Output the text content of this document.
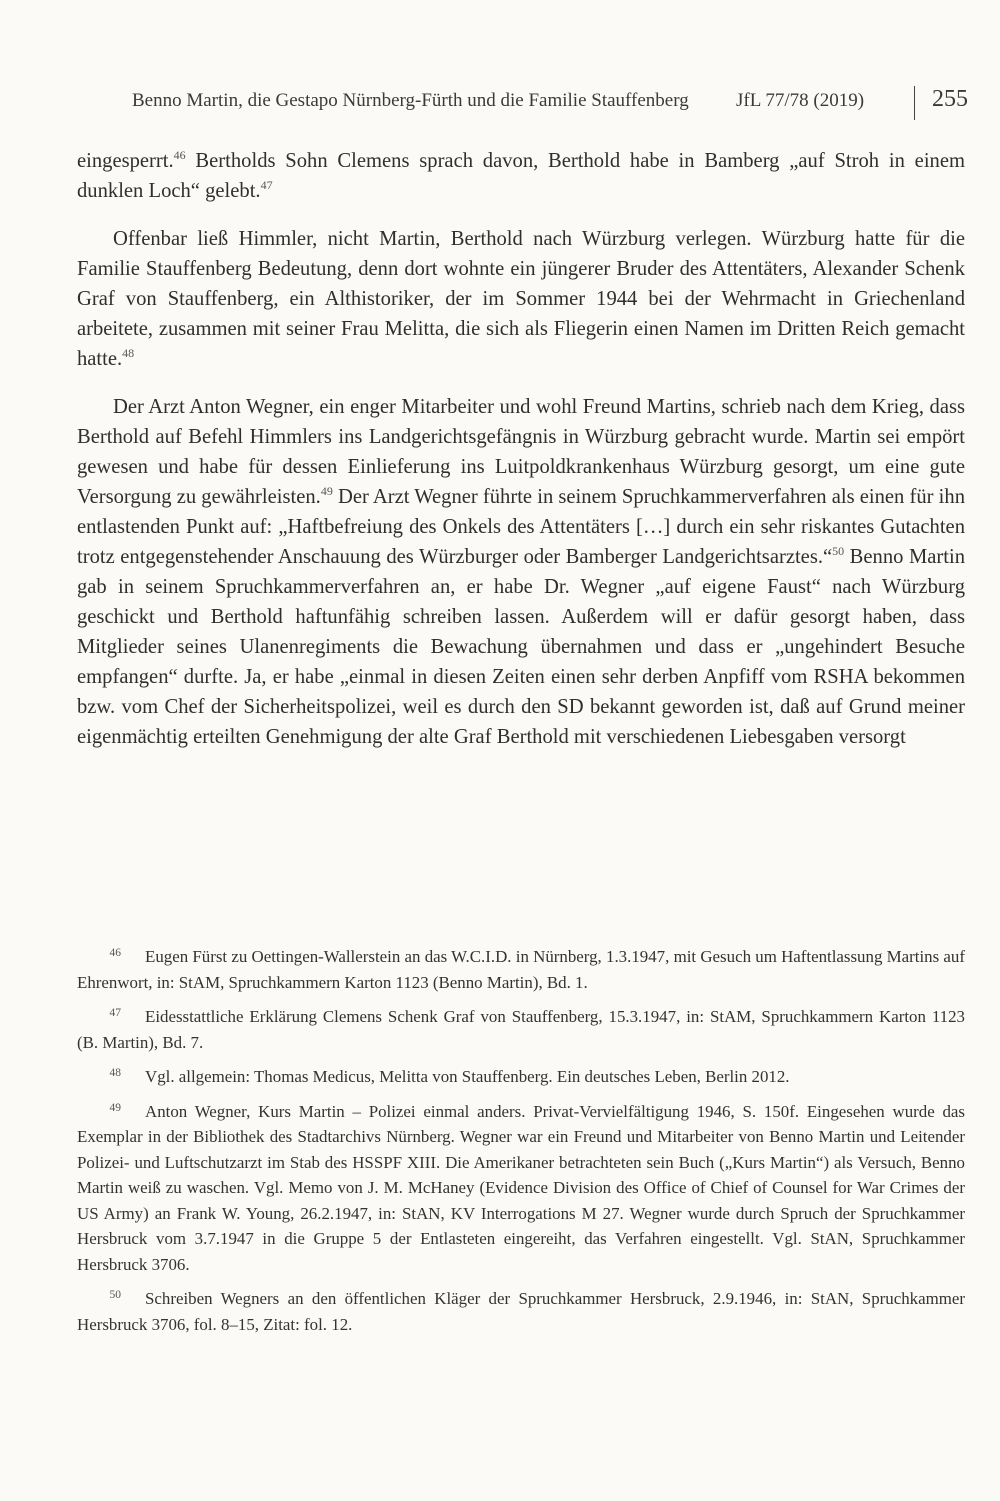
Benno Martin, die Gestapo Nürnberg-Fürth und die Familie Stauffenberg JfL 77/78 (2019)	255

eingesperrt.$^{46}$ Bertholds Sohn Clemens sprach davon, Berthold habe in Bamberg „auf Stroh in einem dunklen Loch“ gelebt.$^{47}$

Offenbar ließ Himmler, nicht Martin, Berthold nach Würzburg verlegen. Würzburg hatte für die Familie Stauffenberg Bedeutung, denn dort wohnte ein jüngerer Bruder des Attentäters, Alexander Schenk Graf von Stauffenberg, ein Althistoriker, der im Sommer 1944 bei der Wehrmacht in Griechenland arbeitete, zusammen mit seiner Frau Melitta, die sich als Fliegerin einen Namen im Dritten Reich gemacht hatte.$^{48}$

Der Arzt Anton Wegner, ein enger Mitarbeiter und wohl Freund Martins, schrieb nach dem Krieg, dass Berthold auf Befehl Himmlers ins Landgerichtsgefängnis in Würzburg gebracht wurde. Martin sei empört gewesen und habe für dessen Einlieferung ins Luitpoldkrankenhaus Würzburg gesorgt, um eine gute Versorgung zu gewährleisten.$^{49}$ Der Arzt Wegner führte in seinem Spruchkammerverfahren als einen für ihn entlastenden Punkt auf: „Haftbefreiung des Onkels des Attentäters […] durch ein sehr riskantes Gutachten trotz entgegenstehender Anschauung des Würzburger oder Bamberger Landgerichtsarztes.“$^{50}$ Benno Martin gab in seinem Spruchkammerverfahren an, er habe Dr. Wegner „auf eigene Faust“ nach Würzburg geschickt und Berthold haftunfähig schreiben lassen. Außerdem will er dafür gesorgt haben, dass Mitglieder seines Ulanenregiments die Bewachung übernahmen und dass er „ungehindert Besuche empfangen“ durfte. Ja, er habe „einmal in diesen Zeiten einen sehr derben Anpfiff vom RSHA bekommen bzw. vom Chef der Sicherheitspolizei, weil es durch den SD bekannt geworden ist, daß auf Grund meiner eigenmächtig erteilten Genehmigung der alte Graf Berthold mit verschiedenen Liebesgaben versorgt

46 Eugen Fürst zu Oettingen-Wallerstein an das W.C.I.D. in Nürnberg, 1.3.1947, mit Gesuch um Haftentlassung Martins auf Ehrenwort, in: StAM, Spruchkammern Karton 1123 (Benno Martin), Bd. 1.
47 Eidesstattliche Erklärung Clemens Schenk Graf von Stauffenberg, 15.3.1947, in: StAM, Spruchkammern Karton 1123 (B. Martin), Bd. 7.
48 Vgl. allgemein: Thomas Medicus, Melitta von Stauffenberg. Ein deutsches Leben, Berlin 2012.
49 Anton Wegner, Kurs Martin – Polizei einmal anders. Privat-Vervielfältigung 1946, S. 150f. Eingesehen wurde das Exemplar in der Bibliothek des Stadtarchivs Nürnberg. Wegner war ein Freund und Mitarbeiter von Benno Martin und Leitender Polizei- und Luftschutzarzt im Stab des HSSPF XIII. Die Amerikaner betrachteten sein Buch („Kurs Martin“) als Versuch, Benno Martin weiß zu waschen. Vgl. Memo von J. M. McHaney (Evidence Division des Office of Chief of Counsel for War Crimes der US Army) an Frank W. Young, 26.2.1947, in: StAN, KV Interrogations M 27. Wegner wurde durch Spruch der Spruchkammer Hersbruck vom 3.7.1947 in die Gruppe 5 der Entlasteten eingereiht, das Verfahren eingestellt. Vgl. StAN, Spruchkammer Hersbruck 3706.
50 Schreiben Wegners an den öffentlichen Kläger der Spruchkammer Hersbruck, 2.9.1946, in: StAN, Spruchkammer Hersbruck 3706, fol. 8–15, Zitat: fol. 12.
